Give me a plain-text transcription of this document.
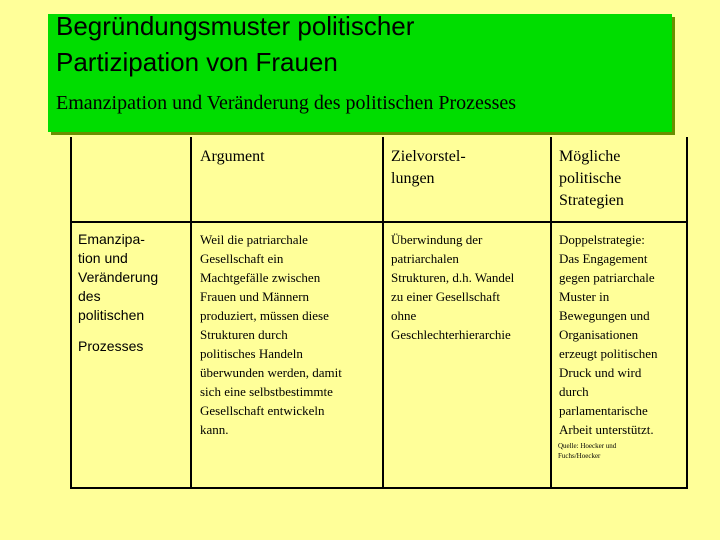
Begründungsmuster politischer
Partizipation von Frauen
Emanzipation und Veränderung des politischen Prozesses
Argument	Zielvorstel-
lungen
Mögliche
politische
Strategien
Emanzipa-
tion und
Veränderung
des
politischen
Prozesses
Weil die patriarchale
Gesellschaft ein
Machtgefälle zwischen
Frauen und Männern
produziert, müssen diese
Strukturen durch
politisches Handeln
überwunden werden, damit
sich eine selbstbestimmte
Gesellschaft entwickeln
kann.
Überwindung der
patriarchalen
Strukturen, d.h. Wandel
zu einer Gesellschaft
ohne
Geschlechterhierarchie
Doppelstrategie:
Das Engagement
gegen patriarchale
Muster in
Bewegungen und
Organisationen
erzeugt politischen
Druck und wird
durch
parlamentarische
Arbeit unterstützt.
Quelle: Hoecker und
Fuchs/Hoecker
